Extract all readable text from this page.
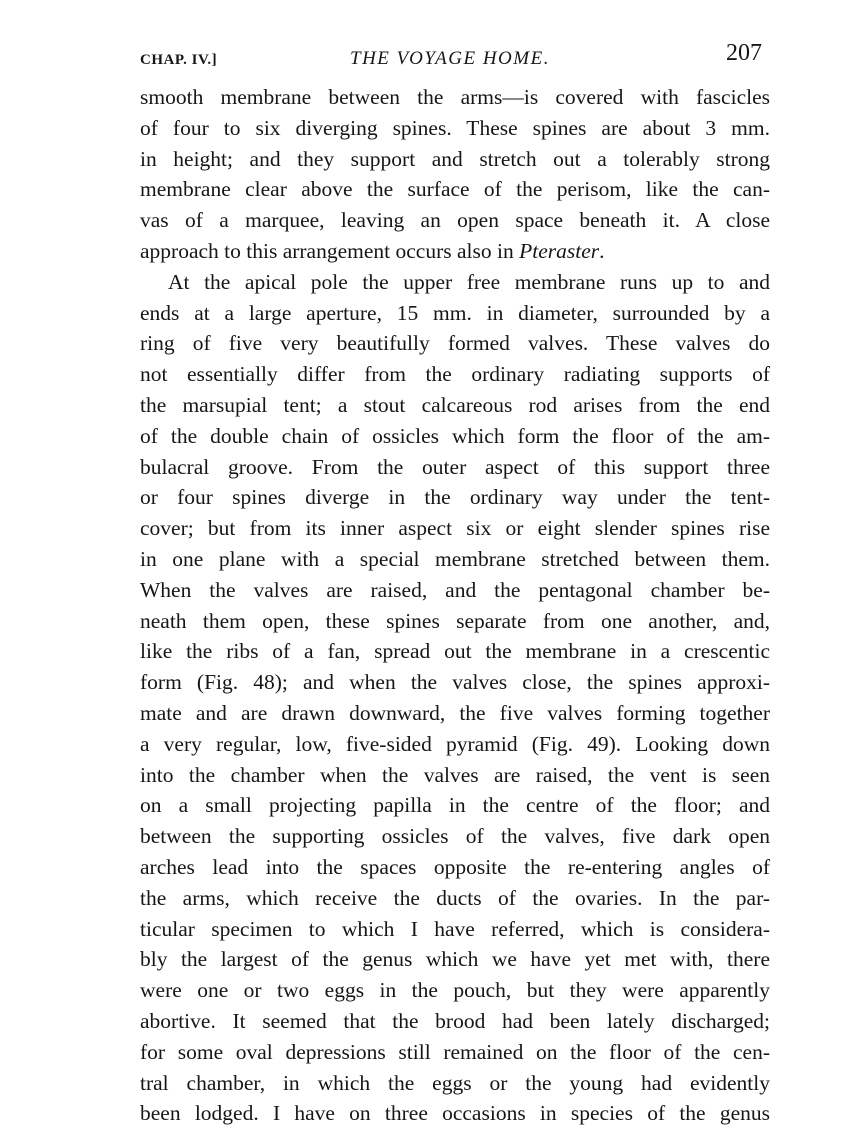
CHAP. IV.]	THE VOYAGE HOME.	207
smooth membrane between the arms—is covered with fascicles
of four to six diverging spines. These spines are about 3 mm.
in height; and they support and stretch out a tolerably strong
membrane clear above the surface of the perisom, like the can-
vas of a marquee, leaving an open space beneath it. A close
approach to this arrangement occurs also in Pteraster.
At the apical pole the upper free membrane runs up to and
ends at a large aperture, 15 mm. in diameter, surrounded by a
ring of five very beautifully formed valves. These valves do
not essentially differ from the ordinary radiating supports of
the marsupial tent; a stout calcareous rod arises from the end
of the double chain of ossicles which form the floor of the am-
bulacral groove. From the outer aspect of this support three
or four spines diverge in the ordinary way under the tent-
cover; but from its inner aspect six or eight slender spines rise
in one plane with a special membrane stretched between them.
When the valves are raised, and the pentagonal chamber be-
neath them open, these spines separate from one another, and,
like the ribs of a fan, spread out the membrane in a crescentic
form (Fig. 48); and when the valves close, the spines approxi-
mate and are drawn downward, the five valves forming together
a very regular, low, five-sided pyramid (Fig. 49). Looking down
into the chamber when the valves are raised, the vent is seen
on a small projecting papilla in the centre of the floor; and
between the supporting ossicles of the valves, five dark open
arches lead into the spaces opposite the re-entering angles of
the arms, which receive the ducts of the ovaries. In the par-
ticular specimen to which I have referred, which is considera-
bly the largest of the genus which we have yet met with, there
were one or two eggs in the pouch, but they were apparently
abortive. It seemed that the brood had been lately discharged;
for some oval depressions still remained on the floor of the cen-
tral chamber, in which the eggs or the young had evidently
been lodged. I have on three occasions in species of the genus
